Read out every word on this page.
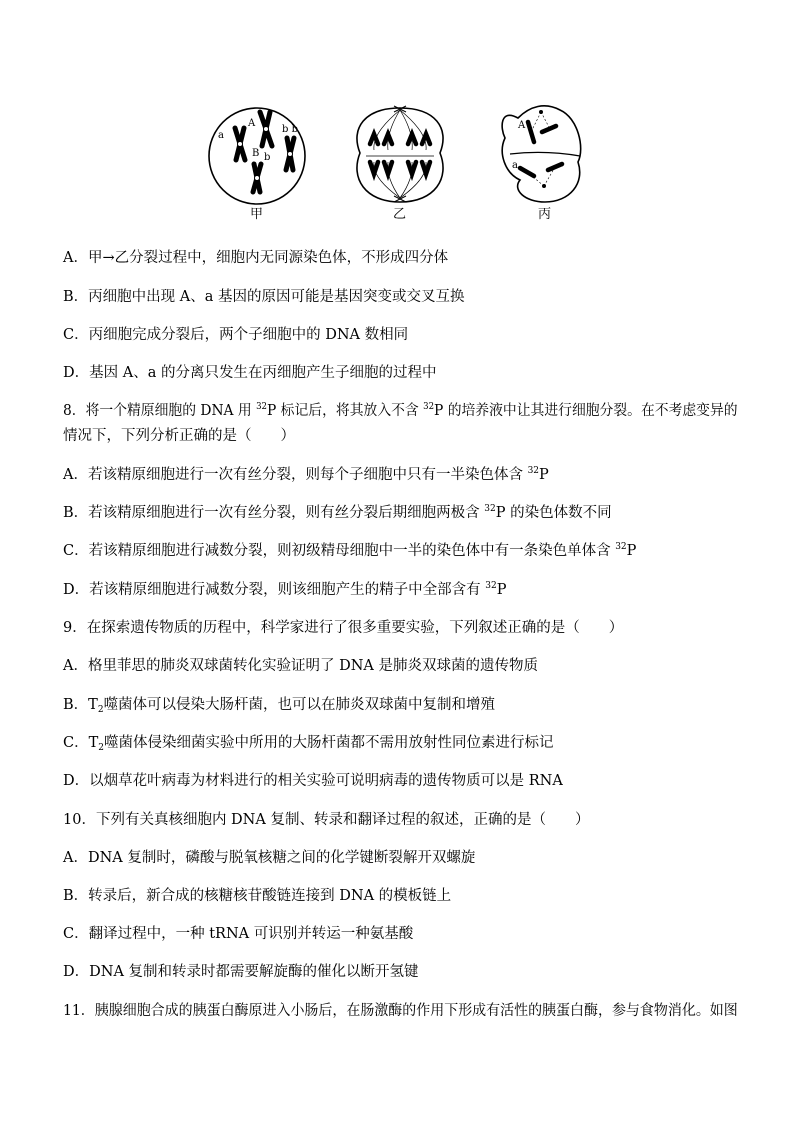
a
A
B b
b b	A
a
甲	乙	丙
A．甲→乙分裂过程中，细胞内无同源染色体，不形成四分体
B．丙细胞中出现 A、a 基因的原因可能是基因突变或交叉互换
C．丙细胞完成分裂后，两个子细胞中的 DNA 数相同
D．基因 A、a 的分离只发生在丙细胞产生子细胞的过程中
8．将一个精原细胞的 DNA 用 $^{32}$P 标记后，将其放入不含 $^{32}$P 的培养液中让其进行细胞分裂。在不考虑变异的
情况下，下列分析正确的是（　　）
A．若该精原细胞进行一次有丝分裂，则每个子细胞中只有一半染色体含 $^{32}$P
B．若该精原细胞进行一次有丝分裂，则有丝分裂后期细胞两极含 $^{32}$P 的染色体数不同
C．若该精原细胞进行减数分裂，则初级精母细胞中一半的染色体中有一条染色单体含 $^{32}$P
D．若该精原细胞进行减数分裂，则该细胞产生的精子中全部含有 $^{32}$P
9．在探索遗传物质的历程中，科学家进行了很多重要实验，下列叙述正确的是（　　）
A．格里菲思的肺炎双球菌转化实验证明了 DNA 是肺炎双球菌的遗传物质
B．$T_2$噬菌体可以侵染大肠杆菌，也可以在肺炎双球菌中复制和增殖
C．$T_2$噬菌体侵染细菌实验中所用的大肠杆菌都不需用放射性同位素进行标记
D．以烟草花叶病毒为材料进行的相关实验可说明病毒的遗传物质可以是 RNA
10．下列有关真核细胞内 DNA 复制、转录和翻译过程的叙述，正确的是（　　）
A．DNA 复制时，磷酸与脱氧核糖之间的化学键断裂解开双螺旋
B．转录后，新合成的核糖核苷酸链连接到 DNA 的模板链上
C．翻译过程中，一种 tRNA 可识别并转运一种氨基酸
D．DNA 复制和转录时都需要解旋酶的催化以断开氢键
11．胰腺细胞合成的胰蛋白酶原进入小肠后，在肠激酶的作用下形成有活性的胰蛋白酶，参与食物消化。如图
